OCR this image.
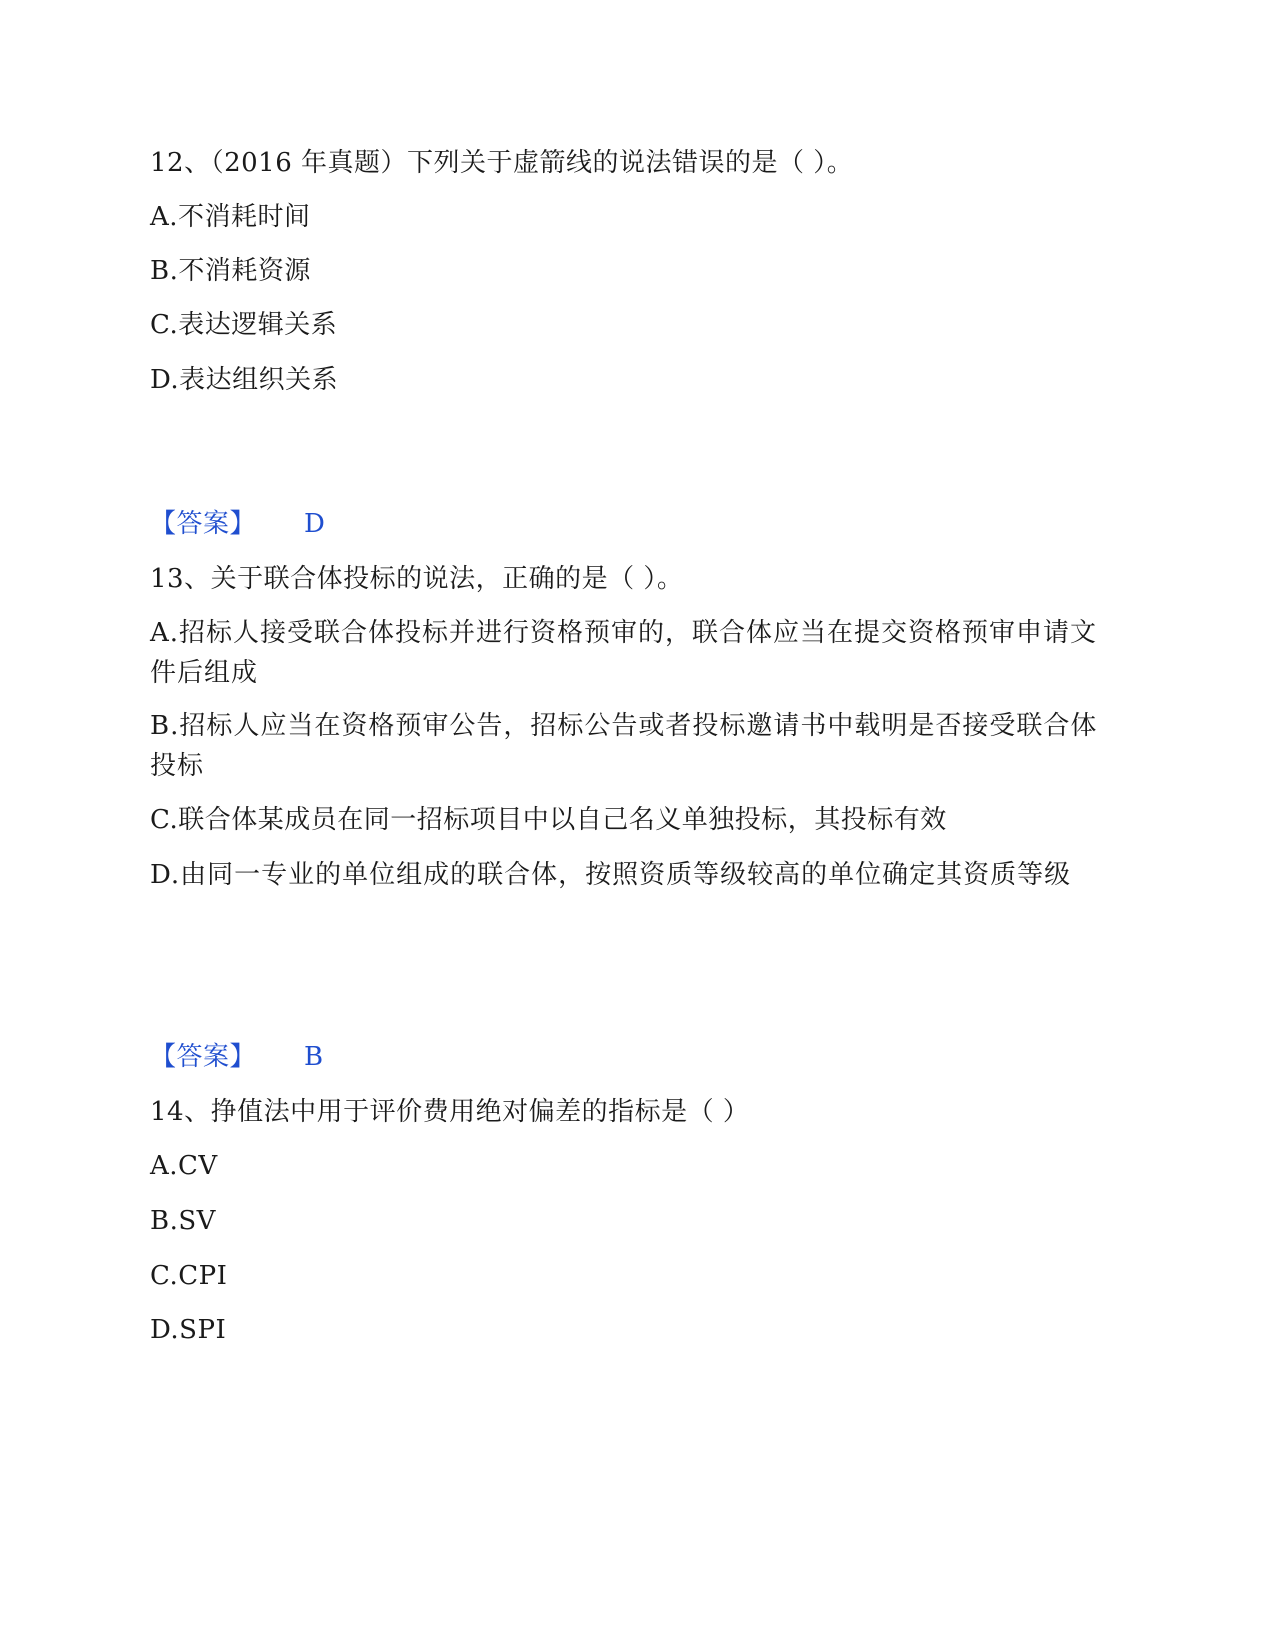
12、（2016 年真题）下列关于虚箭线的说法错误的是（ ）。
A.不消耗时间
B.不消耗资源
C.表达逻辑关系
D.表达组织关系
【答案】 D
13、关于联合体投标的说法，正确的是（ ）。
A.招标人接受联合体投标并进行资格预审的，联合体应当在提交资格预审申请文件后组成
B.招标人应当在资格预审公告，招标公告或者投标邀请书中载明是否接受联合体投标
C.联合体某成员在同一招标项目中以自己名义单独投标，其投标有效
D.由同一专业的单位组成的联合体，按照资质等级较高的单位确定其资质等级
【答案】 B
14、挣值法中用于评价费用绝对偏差的指标是（ ）
A.CV
B.SV
C.CPI
D.SPI
